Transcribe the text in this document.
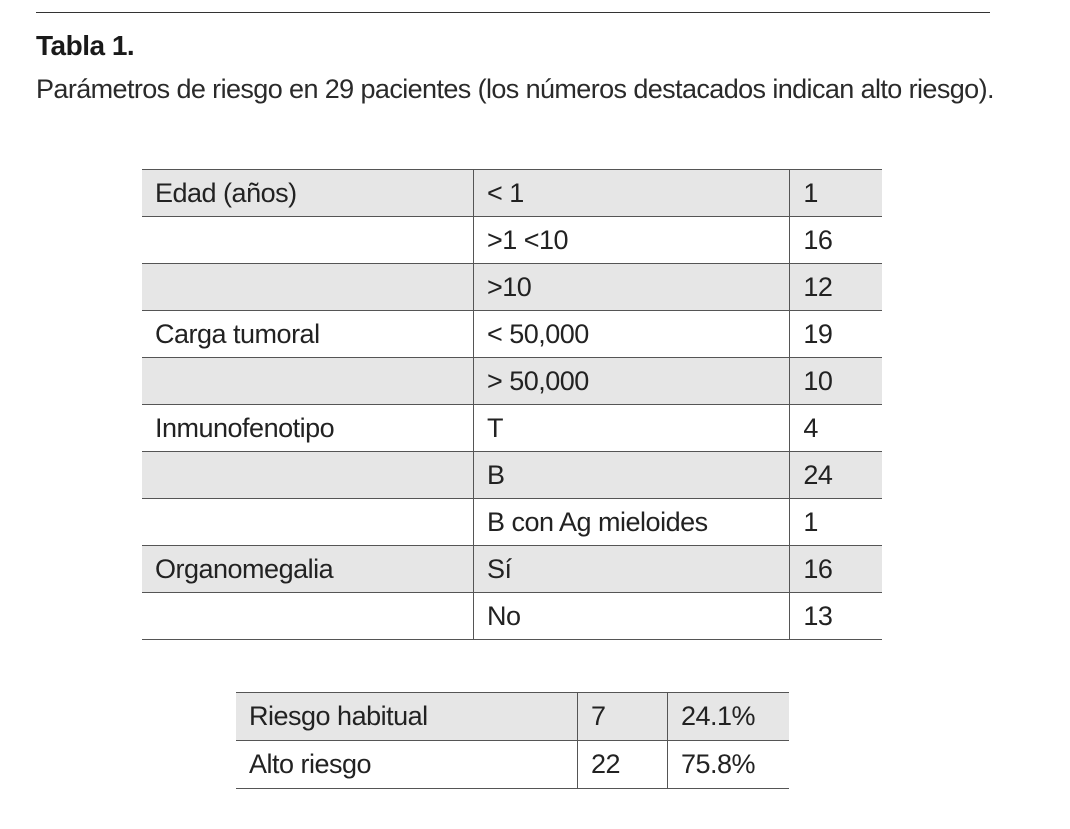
Tabla 1.
Parámetros de riesgo en 29 pacientes (los números destacados indican alto riesgo).
Edad (años)	< 1	1
	>1 <10	16
	>10	12
Carga tumoral	< 50,000	19
	> 50,000	10
Inmunofenotipo	T	4
	B	24
	B con Ag mieloides	1
Organomegalia	Sí	16
	No	13
Riesgo habitual	7	24.1%
Alto riesgo	22	75.8%
